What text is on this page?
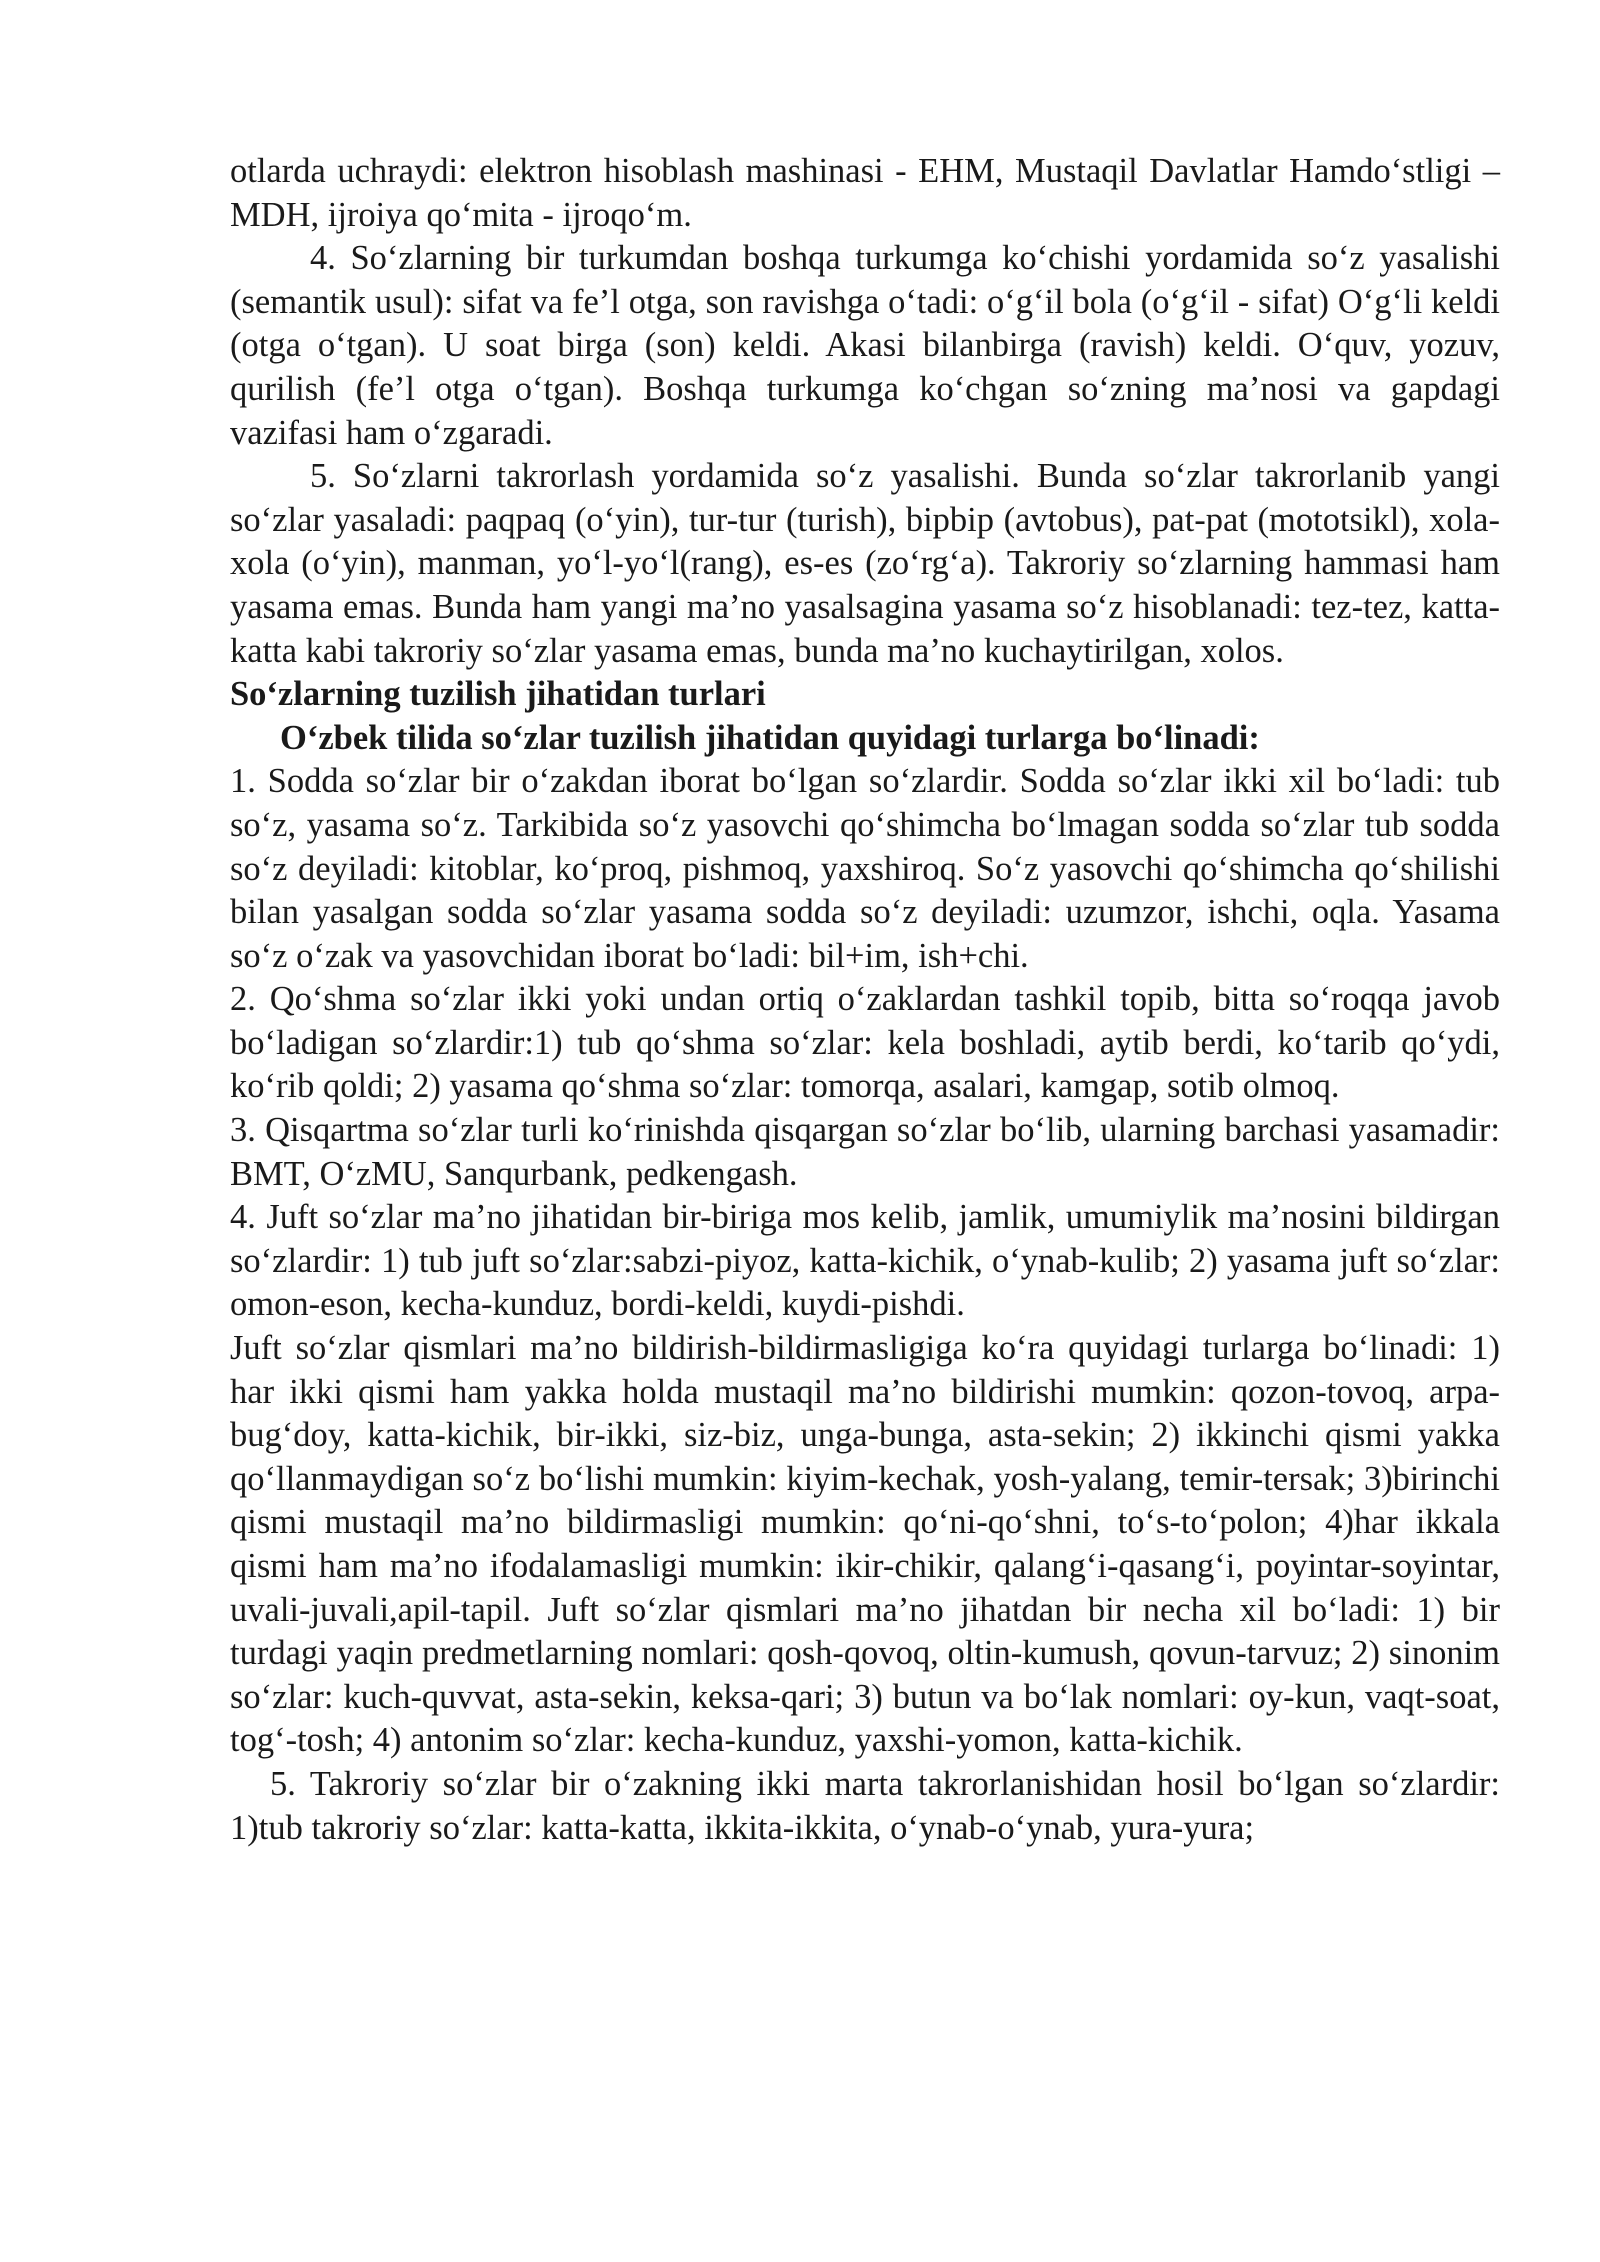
otlarda uchraydi: elektron hisoblash mashinasi - EHM, Mustaqil Davlatlar Hamdo‘stligi – MDH, ijroiya qo‘mita - ijroqo‘m.

4. So‘zlarning bir turkumdan boshqa turkumga ko‘chishi yordamida so‘z yasalishi (semantik usul): sifat va fe’l otga, son ravishga o‘tadi: o‘g‘il bola (o‘g‘il - sifat) O‘g‘li keldi (otga o‘tgan). U soat birga (son) keldi. Akasi bilanbirga (ravish) keldi. O‘quv, yozuv, qurilish (fe’l otga o‘tgan). Boshqa turkumga ko‘chgan so‘zning ma’nosi va gapdagi vazifasi ham o‘zgaradi.

5. So‘zlarni takrorlash yordamida so‘z yasalishi. Bunda so‘zlar takrorlanib yangi so‘zlar yasaladi: paqpaq (o‘yin), tur-tur (turish), bipbip (avtobus), pat-pat (mototsikl), xola-xola (o‘yin), manman, yo‘l-yo‘l(rang), es-es (zo‘rg‘a). Takroriy so‘zlarning hammasi ham yasama emas. Bunda ham yangi ma’no yasalsagina yasama so‘z hisoblanadi: tez-tez, katta-katta kabi takroriy so‘zlar yasama emas, bunda ma’no kuchaytirilgan, xolos.

So‘zlarning tuzilish jihatidan turlari

O‘zbek tilida so‘zlar tuzilish jihatidan quyidagi turlarga bo‘linadi:

1. Sodda so‘zlar bir o‘zakdan iborat bo‘lgan so‘zlardir. Sodda so‘zlar ikki xil bo‘ladi: tub so‘z, yasama so‘z. Tarkibida so‘z yasovchi qo‘shimcha bo‘lmagan sodda so‘zlar tub sodda so‘z deyiladi: kitoblar, ko‘proq, pishmoq, yaxshiroq. So‘z yasovchi qo‘shimcha qo‘shilishi bilan yasalgan sodda so‘zlar yasama sodda so‘z deyiladi: uzumzor, ishchi, oqla. Yasama so‘z o‘zak va yasovchidan iborat bo‘ladi: bil+im, ish+chi.

2. Qo‘shma so‘zlar ikki yoki undan ortiq o‘zaklardan tashkil topib, bitta so‘roqqa javob bo‘ladigan so‘zlardir:1) tub qo‘shma so‘zlar: kela boshladi, aytib berdi, ko‘tarib qo‘ydi, ko‘rib qoldi; 2) yasama qo‘shma so‘zlar: tomorqa, asalari, kamgap, sotib olmoq.

3. Qisqartma so‘zlar turli ko‘rinishda qisqargan so‘zlar bo‘lib, ularning barchasi yasamadir: BMT, O‘zMU, Sanqurbank, pedkengash.

4. Juft so‘zlar ma’no jihatidan bir-biriga mos kelib, jamlik, umumiylik ma’nosini bildirgan so‘zlardir: 1) tub juft so‘zlar:sabzi-piyoz, katta-kichik, o‘ynab-kulib; 2) yasama juft so‘zlar: omon-eson, kecha-kunduz, bordi-keldi, kuydi-pishdi.

Juft so‘zlar qismlari ma’no bildirish-bildirmasligiga ko‘ra quyidagi turlarga bo‘linadi: 1) har ikki qismi ham yakka holda mustaqil ma’no bildirishi mumkin: qozon-tovoq, arpa-bug‘doy, katta-kichik, bir-ikki, siz-biz, unga-bunga, asta-sekin; 2) ikkinchi qismi yakka qo‘llanmaydigan so‘z bo‘lishi mumkin: kiyim-kechak, yosh-yalang, temir-tersak; 3)birinchi qismi mustaqil ma’no bildirmasligi mumkin: qo‘ni-qo‘shni, to‘s-to‘polon; 4)har ikkala qismi ham ma’no ifodalamasligi mumkin: ikir-chikir, qalang‘i-qasang‘i, poyintar-soyintar, uvali-juvali,apil-tapil. Juft so‘zlar qismlari ma’no jihatdan bir necha xil bo‘ladi: 1) bir turdagi yaqin predmetlarning nomlari: qosh-qovoq, oltin-kumush, qovun-tarvuz; 2) sinonim so‘zlar: kuch-quvvat, asta-sekin, keksa-qari; 3) butun va bo‘lak nomlari: oy-kun, vaqt-soat, tog‘-tosh; 4) antonim so‘zlar: kecha-kunduz, yaxshi-yomon, katta-kichik.

5. Takroriy so‘zlar bir o‘zakning ikki marta takrorlanishidan hosil bo‘lgan so‘zlardir: 1)tub takroriy so‘zlar: katta-katta, ikkita-ikkita, o‘ynab-o‘ynab, yura-yura;
